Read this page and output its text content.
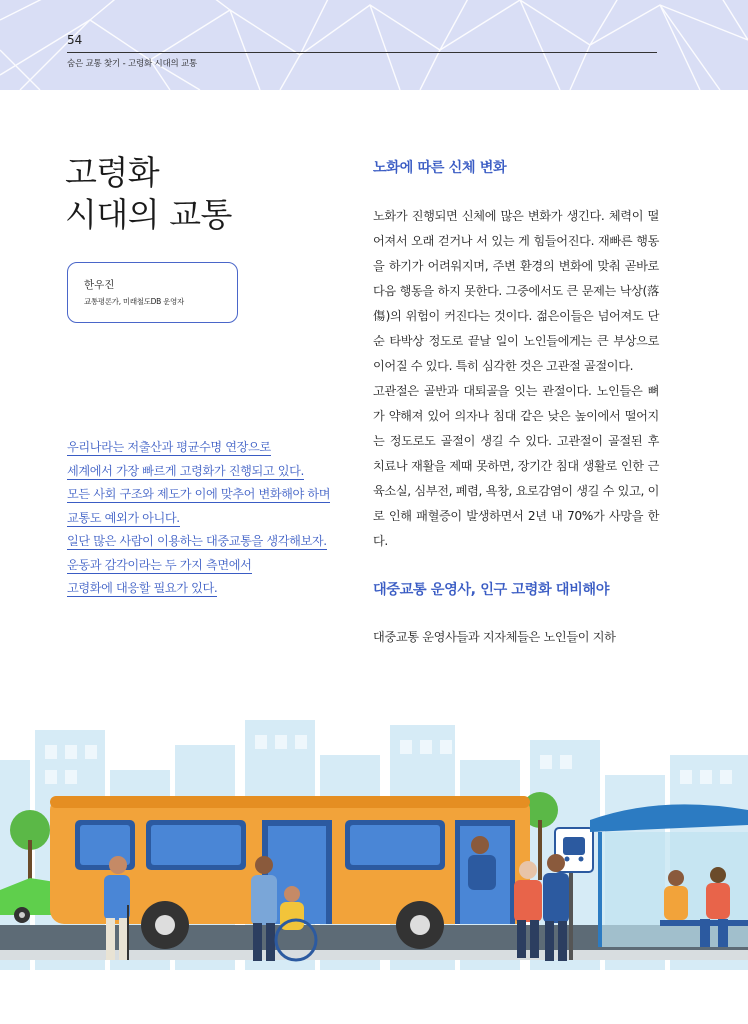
54
숨은 교통 찾기 - 고령화 시대의 교통
고령화
시대의 교통
한우진
교통평론가, 미래철도DB 운영자
우리나라는 저출산과 평균수명 연장으로
세계에서 가장 빠르게 고령화가 진행되고 있다.
모든 사회 구조와 제도가 이에 맞추어 변화해야 하며
교통도 예외가 아니다.
일단 많은 사람이 이용하는 대중교통을 생각해보자.
운동과 감각이라는 두 가지 측면에서
고령화에 대응할 필요가 있다.
노화에 따른 신체 변화

노화가 진행되면 신체에 많은 변화가 생긴다. 체력이 떨어져서 오래 걷거나 서 있는 게 힘들어진다. 재빠른 행동을 하기가 어려워지며, 주변 환경의 변화에 맞춰 곧바로 다음 행동을 하지 못한다. 그중에서도 큰 문제는 낙상(落傷)의 위험이 커진다는 것이다. 젊은이들은 넘어져도 단순 타박상 정도로 끝날 일이 노인들에게는 큰 부상으로 이어질 수 있다. 특히 심각한 것은 고관절 골절이다.

고관절은 골반과 대퇴골을 잇는 관절이다. 노인들은 뼈가 약해져 있어 의자나 침대 같은 낮은 높이에서 떨어지는 정도로도 골절이 생길 수 있다. 고관절이 골절된 후 치료나 재활을 제때 못하면, 장기간 침대 생활로 인한 근육소실, 심부전, 폐렴, 욕창, 요로감염이 생길 수 있고, 이로 인해 패혈증이 발생하면서 2년 내 70%가 사망을 한다.

대중교통 운영사, 인구 고령화 대비해야

대중교통 운영사들과 지자체들은 노인들이 지하
